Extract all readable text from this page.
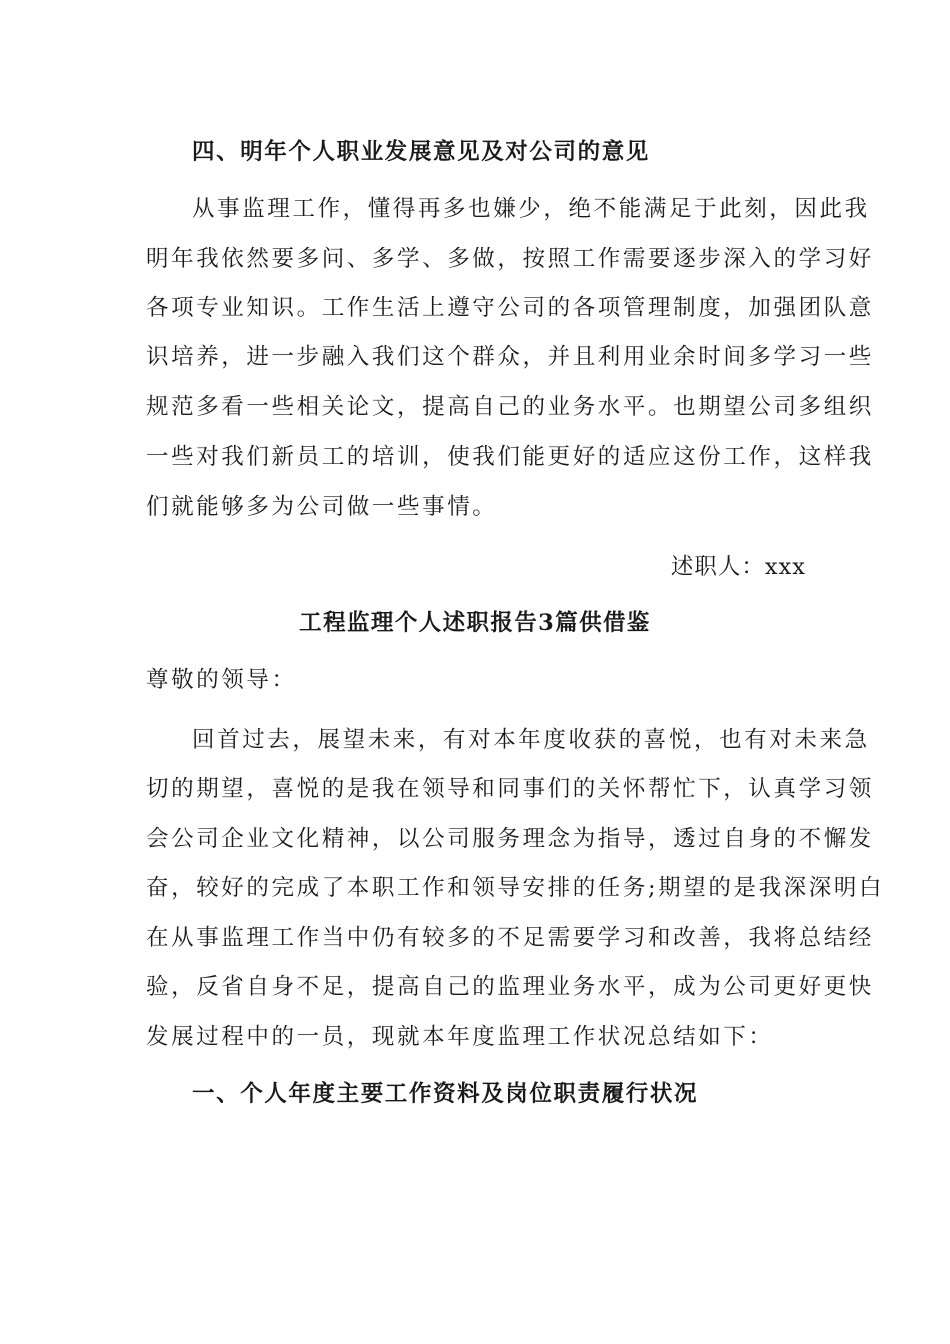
四、明年个人职业发展意见及对公司的意见
从事监理工作，懂得再多也嫌少，绝不能满足于此刻，因此我
明年我依然要多问、多学、多做，按照工作需要逐步深入的学习好
各项专业知识。工作生活上遵守公司的各项管理制度，加强团队意
识培养，进一步融入我们这个群众，并且利用业余时间多学习一些
规范多看一些相关论文，提高自己的业务水平。也期望公司多组织
一些对我们新员工的培训，使我们能更好的适应这份工作，这样我
们就能够多为公司做一些事情。
述职人：xxx
工程监理个人述职报告3篇供借鉴
尊敬的领导：
回首过去，展望未来，有对本年度收获的喜悦，也有对未来急
切的期望，喜悦的是我在领导和同事们的关怀帮忙下，认真学习领
会公司企业文化精神，以公司服务理念为指导，透过自身的不懈发
奋，较好的完成了本职工作和领导安排的任务;期望的是我深深明白
在从事监理工作当中仍有较多的不足需要学习和改善，我将总结经
验，反省自身不足，提高自己的监理业务水平，成为公司更好更快
发展过程中的一员，现就本年度监理工作状况总结如下：
一、个人年度主要工作资料及岗位职责履行状况
